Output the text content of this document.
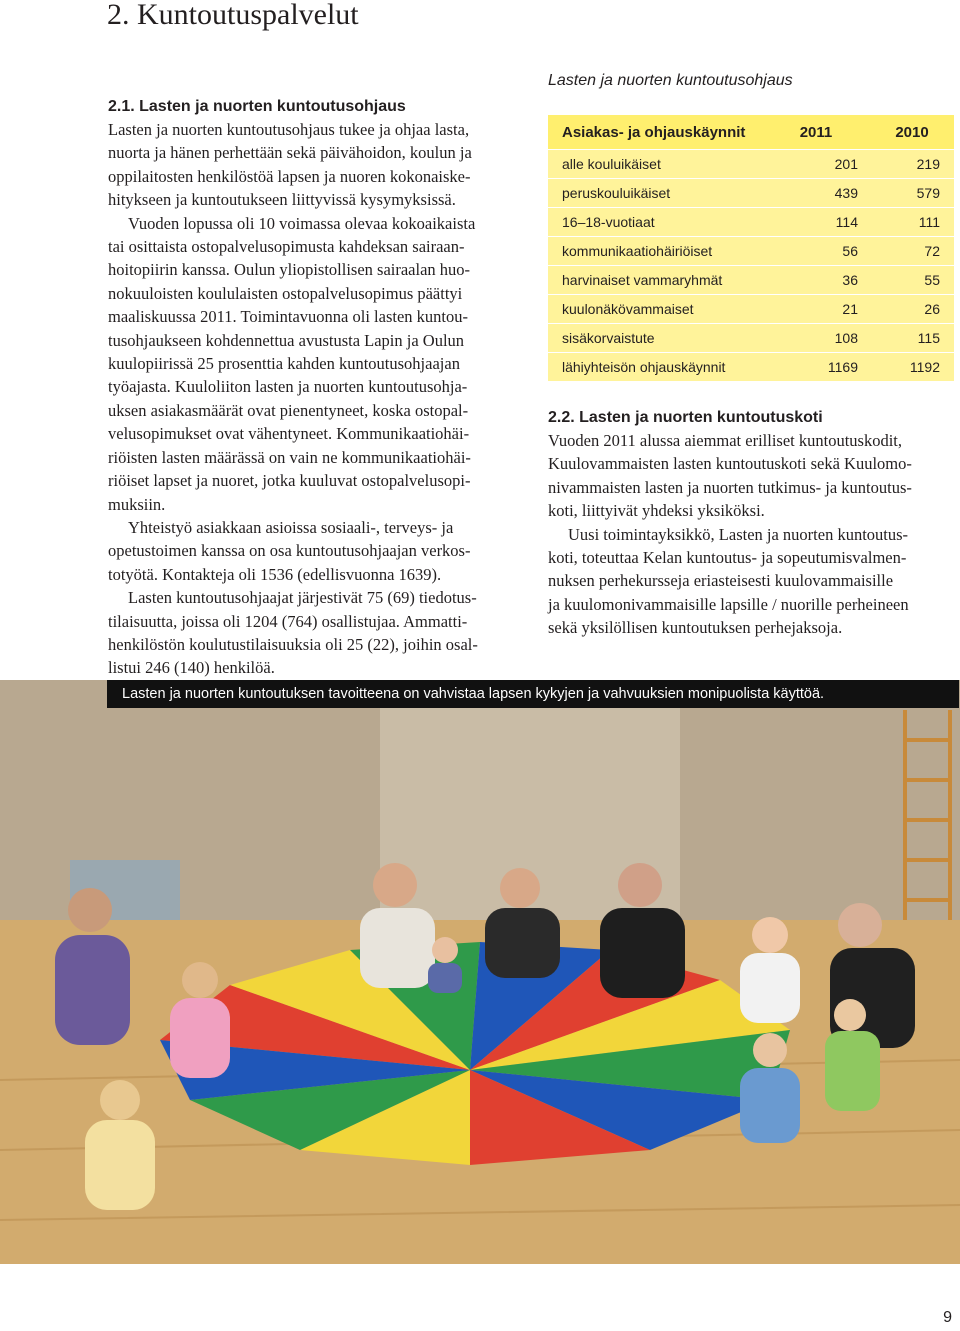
2. Kuntoutuspalvelut
2.1. Lasten ja nuorten kuntoutusohjaus

Lasten ja nuorten kuntoutusohjaus tukee ja ohjaa lasta,

nuorta ja hänen perhettään sekä päivähoidon, koulun ja

oppilaitosten henkilöstöä lapsen ja nuoren kokonaiske-

hitykseen ja kuntoutukseen liittyvissä kysymyksissä.

Vuoden lopussa oli 10 voimassa olevaa kokoaikaista

tai osittaista ostopalvelusopimusta kahdeksan sairaan-

hoitopiirin kanssa. Oulun yliopistollisen sairaalan huo-

nokuuloisten koululaisten ostopalvelusopimus päättyi

maaliskuussa 2011. Toimintavuonna oli lasten kuntou-

tusohjaukseen kohdennettua avustusta Lapin ja Oulun

kuulopiirissä 25 prosenttia kahden kuntoutusohjaajan

työajasta. Kuuloliiton lasten ja nuorten kuntoutusohja-

uksen asiakasmäärät ovat pienentyneet, koska ostopal-

velusopimukset ovat vähentyneet. Kommunikaatiohäi-

riöisten lasten määrässä on vain ne kommunikaatiohäi-

riöiset lapset ja nuoret, jotka kuuluvat ostopalvelusopi-

muksiin.

Yhteistyö asiakkaan asioissa sosiaali-, terveys- ja

opetustoimen kanssa on osa kuntoutusohjaajan verkos-

totyötä. Kontakteja oli 1536 (edellisvuonna 1639).

Lasten kuntoutusohjaajat järjestivät 75 (69) tiedotus-

tilaisuutta, joissa oli 1204 (764) osallistujaa. Ammatti-

henkilöstön koulutustilaisuuksia oli 25 (22), joihin osal-

listui 246 (140) henkilöä.

Lasten ja nuorten kuntoutusohjaus
Asiakas- ja ohjauskäynnit	2011	2010
alle kouluikäiset	201	219
peruskouluikäiset	439	579
16–18-vuotiaat	114	111
kommunikaatiohäiriöiset	56	72
harvinaiset vammaryhmät	36	55
kuulonäkövammaiset	21	26
sisäkorvaistute	108	115
lähiyhteisön ohjauskäynnit	1169	1192
2.2. Lasten ja nuorten kuntoutuskoti

Vuoden 2011 alussa aiemmat erilliset kuntoutuskodit,

Kuulovammaisten lasten kuntoutuskoti sekä Kuulomo-

nivammaisten lasten ja nuorten tutkimus- ja kuntoutus-

koti, liittyivät yhdeksi yksiköksi.

Uusi toimintayksikkö, Lasten ja nuorten kuntoutus-

koti, toteuttaa Kelan kuntoutus- ja sopeutumisvalmen-

nuksen perhekursseja eriasteisesti kuulovammaisille

ja kuulomonivammaisille lapsille / nuorille perheineen

sekä yksilöllisen kuntoutuksen perhejaksoja.

Lasten ja nuorten kuntoutuksen tavoitteena on vahvistaa lapsen kykyjen ja vahvuuksien monipuolista käyttöä.
9
